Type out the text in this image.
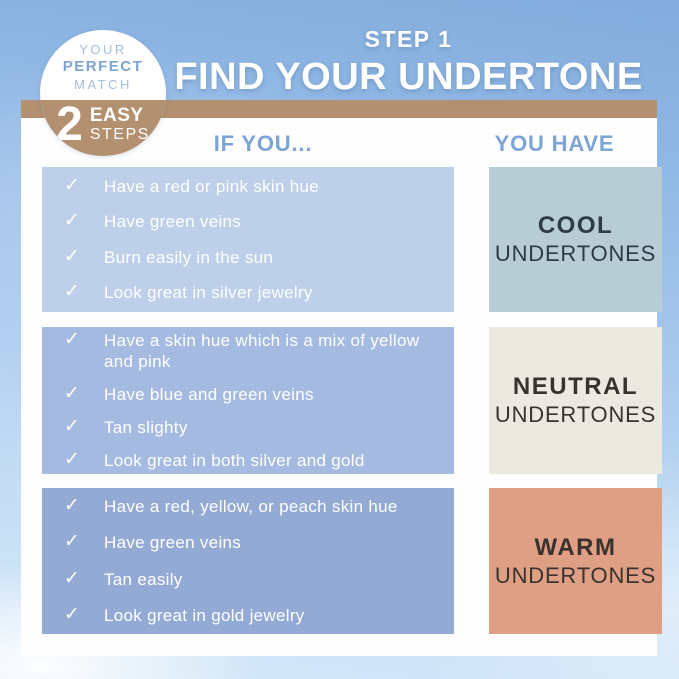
STEP 1
FIND YOUR UNDERTONE
IF YOU...	YOU HAVE
✓ Have a red or pink skin hue
✓ Have green veins
✓ Burn easily in the sun
✓ Look great in silver jewelry
COOL
UNDERTONES
✓ Have a skin hue which is a mix of yellow and pink
✓ Have blue and green veins
✓ Tan slighty
✓ Look great in both silver and gold
NEUTRAL
UNDERTONES
✓ Have a red, yellow, or peach skin hue
✓ Have green veins
✓ Tan easily
✓ Look great in gold jewelry
WARM
UNDERTONES
YOUR
PERFECT
MATCH
2 EASY
STEPS
